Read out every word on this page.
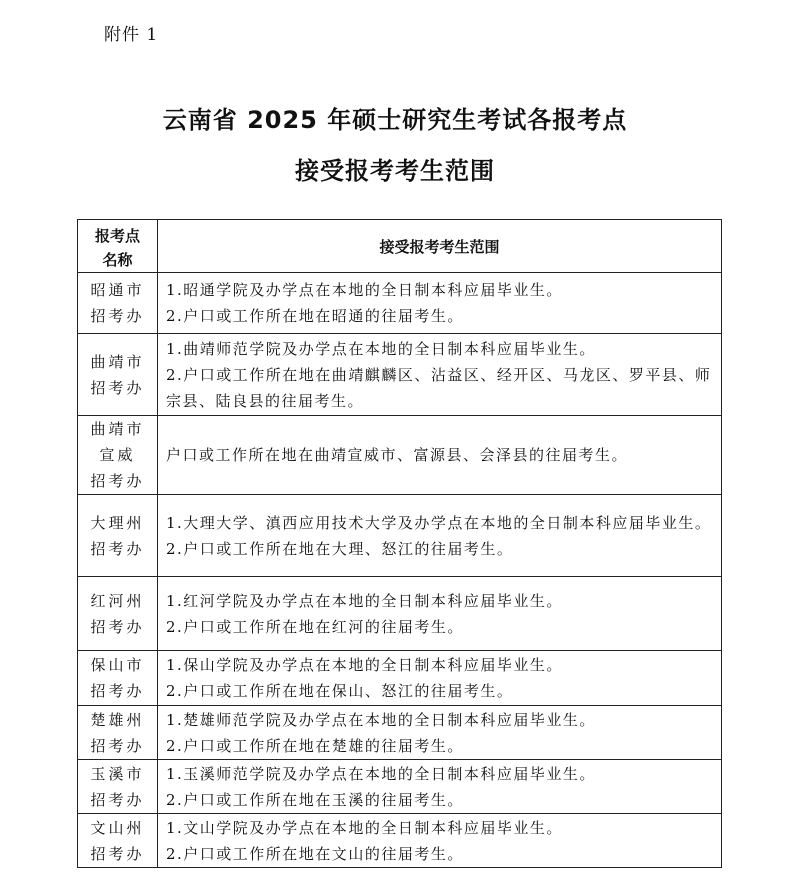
附件 1
云南省 2025 年硕士研究生考试各报考点
接受报考考生范围
报考点
名称	接受报考考生范围

昭通市
招考办	1.昭通学院及办学点在本地的全日制本科应届毕业生。
2.户口或工作所在地在昭通的往届考生。

曲靖市
招考办	1.曲靖师范学院及办学点在本地的全日制本科应届毕业生。
2.户口或工作所在地在曲靖麒麟区、沾益区、经开区、马龙区、罗平县、师宗县、陆良县的往届考生。

曲靖市
宣威
招考办	户口或工作所在地在曲靖宣威市、富源县、会泽县的往届考生。

大理州
招考办	1.大理大学、滇西应用技术大学及办学点在本地的全日制本科应届毕业生。
2.户口或工作所在地在大理、怒江的往届考生。

红河州
招考办	1.红河学院及办学点在本地的全日制本科应届毕业生。
2.户口或工作所在地在红河的往届考生。

保山市
招考办	1.保山学院及办学点在本地的全日制本科应届毕业生。
2.户口或工作所在地在保山、怒江的往届考生。

楚雄州
招考办	1.楚雄师范学院及办学点在本地的全日制本科应届毕业生。
2.户口或工作所在地在楚雄的往届考生。

玉溪市
招考办	1.玉溪师范学院及办学点在本地的全日制本科应届毕业生。
2.户口或工作所在地在玉溪的往届考生。

文山州
招考办	1.文山学院及办学点在本地的全日制本科应届毕业生。
2.户口或工作所在地在文山的往届考生。
